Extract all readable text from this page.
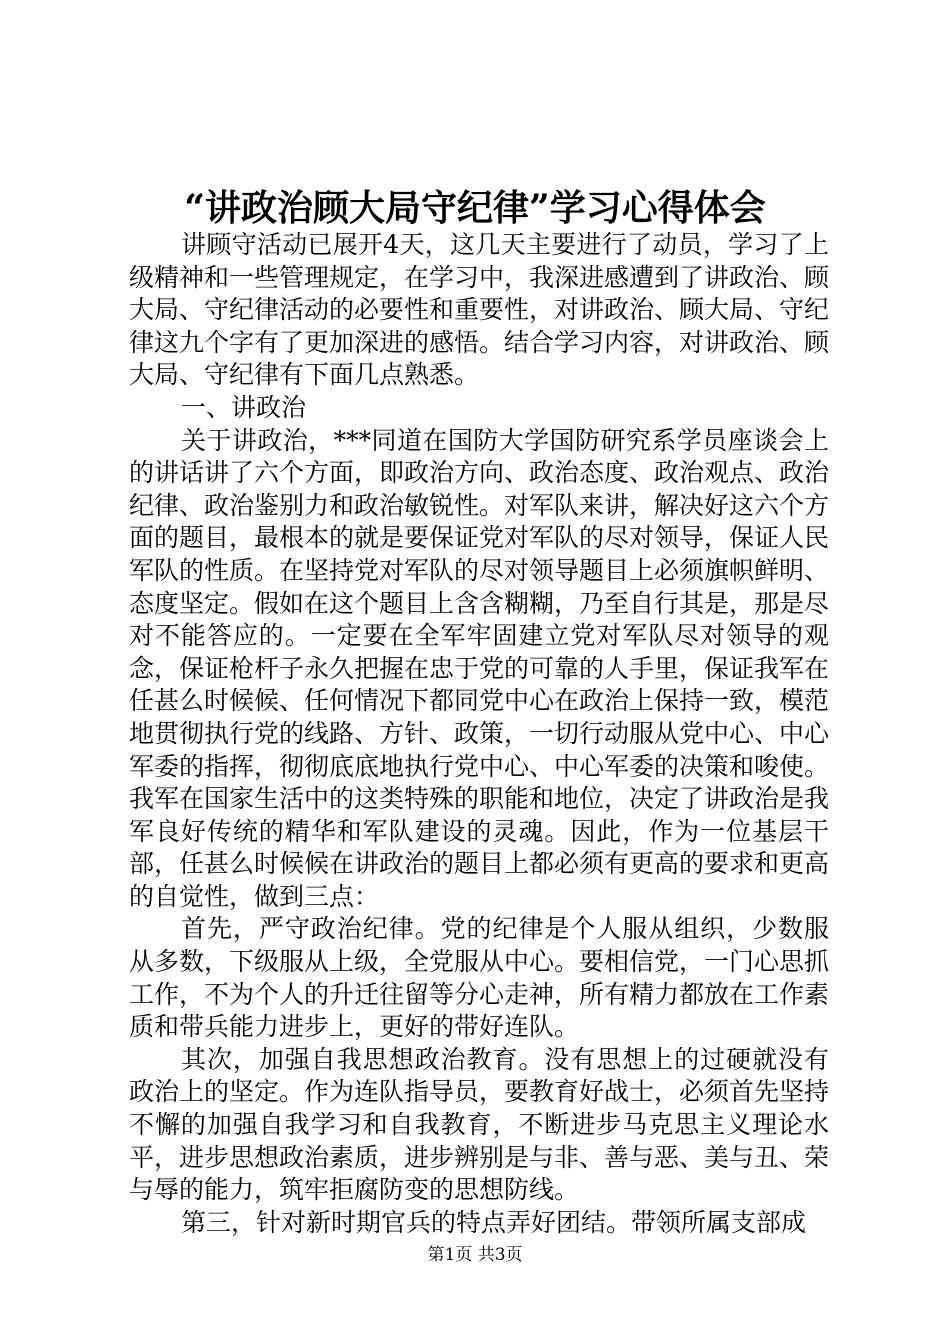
“讲政治顾大局守纪律”学习心得体会

讲顾守活动已展开4天，这几天主要进行了动员，学习了上级精神和一些管理规定，在学习中，我深进感遭到了讲政治、顾大局、守纪律活动的必要性和重要性，对讲政治、顾大局、守纪律这九个字有了更加深进的感悟。结合学习内容，对讲政治、顾大局、守纪律有下面几点熟悉。

一、讲政治

关于讲政治，***同道在国防大学国防研究系学员座谈会上的讲话讲了六个方面，即政治方向、政治态度、政治观点、政治纪律、政治鉴别力和政治敏锐性。对军队来讲，解决好这六个方面的题目，最根本的就是要保证党对军队的尽对领导，保证人民军队的性质。在坚持党对军队的尽对领导题目上必须旗帜鲜明、态度坚定。假如在这个题目上含含糊糊，乃至自行其是，那是尽对不能答应的。一定要在全军牢固建立党对军队尽对领导的观念，保证枪杆子永久把握在忠于党的可靠的人手里，保证我军在任甚么时候候、任何情况下都同党中心在政治上保持一致，模范地贯彻执行党的线路、方针、政策，一切行动服从党中心、中心军委的指挥，彻彻底底地执行党中心、中心军委的决策和唆使。我军在国家生活中的这类特殊的职能和地位，决定了讲政治是我军良好传统的精华和军队建设的灵魂。因此，作为一位基层干部，任甚么时候候在讲政治的题目上都必须有更高的要求和更高的自觉性，做到三点：

首先，严守政治纪律。党的纪律是个人服从组织，少数服从多数，下级服从上级，全党服从中心。要相信党，一门心思抓工作，不为个人的升迁往留等分心走神，所有精力都放在工作素质和带兵能力进步上，更好的带好连队。

其次，加强自我思想政治教育。没有思想上的过硬就没有政治上的坚定。作为连队指导员，要教育好战士，必须首先坚持不懈的加强自我学习和自我教育，不断进步马克思主义理论水平，进步思想政治素质，进步辨别是与非、善与恶、美与丑、荣与辱的能力，筑牢拒腐防变的思想防线。

第三，针对新时期官兵的特点弄好团结。带领所属支部成

第1页 共3页
